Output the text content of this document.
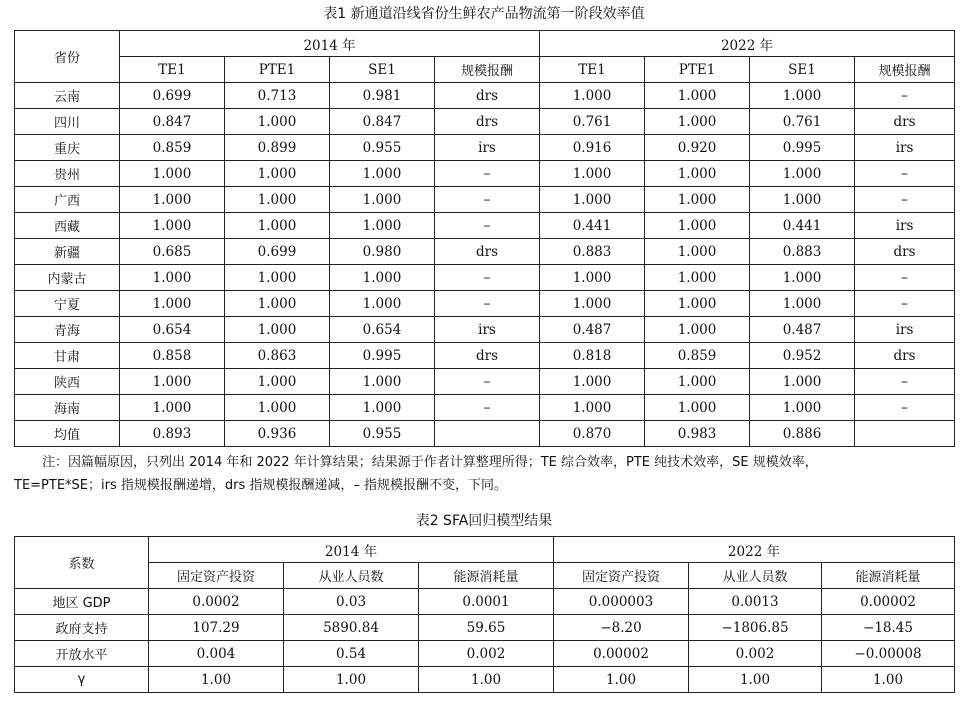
表1 新通道沿线省份生鲜农产品物流第一阶段效率值
省份	2014 年				2022 年			
	TE1	PTE1	SE1	规模报酬	TE1	PTE1	SE1	规模报酬
云南	0.699	0.713	0.981	drs	1.000	1.000	1.000	–
四川	0.847	1.000	0.847	drs	0.761	1.000	0.761	drs
重庆	0.859	0.899	0.955	irs	0.916	0.920	0.995	irs
贵州	1.000	1.000	1.000	–	1.000	1.000	1.000	–
广西	1.000	1.000	1.000	–	1.000	1.000	1.000	–
西藏	1.000	1.000	1.000	–	0.441	1.000	0.441	irs
新疆	0.685	0.699	0.980	drs	0.883	1.000	0.883	drs
内蒙古	1.000	1.000	1.000	–	1.000	1.000	1.000	–
宁夏	1.000	1.000	1.000	–	1.000	1.000	1.000	–
青海	0.654	1.000	0.654	irs	0.487	1.000	0.487	irs
甘肃	0.858	0.863	0.995	drs	0.818	0.859	0.952	drs
陕西	1.000	1.000	1.000	–	1.000	1.000	1.000	–
海南	1.000	1.000	1.000	–	1.000	1.000	1.000	–
均值	0.893	0.936	0.955		0.870	0.983	0.886	
注：因篇幅原因，只列出 2014 年和 2022 年计算结果；结果源于作者计算整理所得；TE 综合效率，PTE 纯技术效率，SE 规模效率，
TE=PTE*SE；irs 指规模报酬递增，drs 指规模报酬递减，– 指规模报酬不变，下同。
表2 SFA回归模型结果
系数	2014 年			2022 年		
	固定资产投资	从业人员数	能源消耗量	固定资产投资	从业人员数	能源消耗量
地区 GDP	0.0002	0.03	0.0001	0.000003	0.0013	0.00002
政府支持	107.29	5890.84	59.65	−8.20	−1806.85	−18.45
开放水平	0.004	0.54	0.002	0.00002	0.002	−0.00008
γ	1.00	1.00	1.00	1.00	1.00	1.00
